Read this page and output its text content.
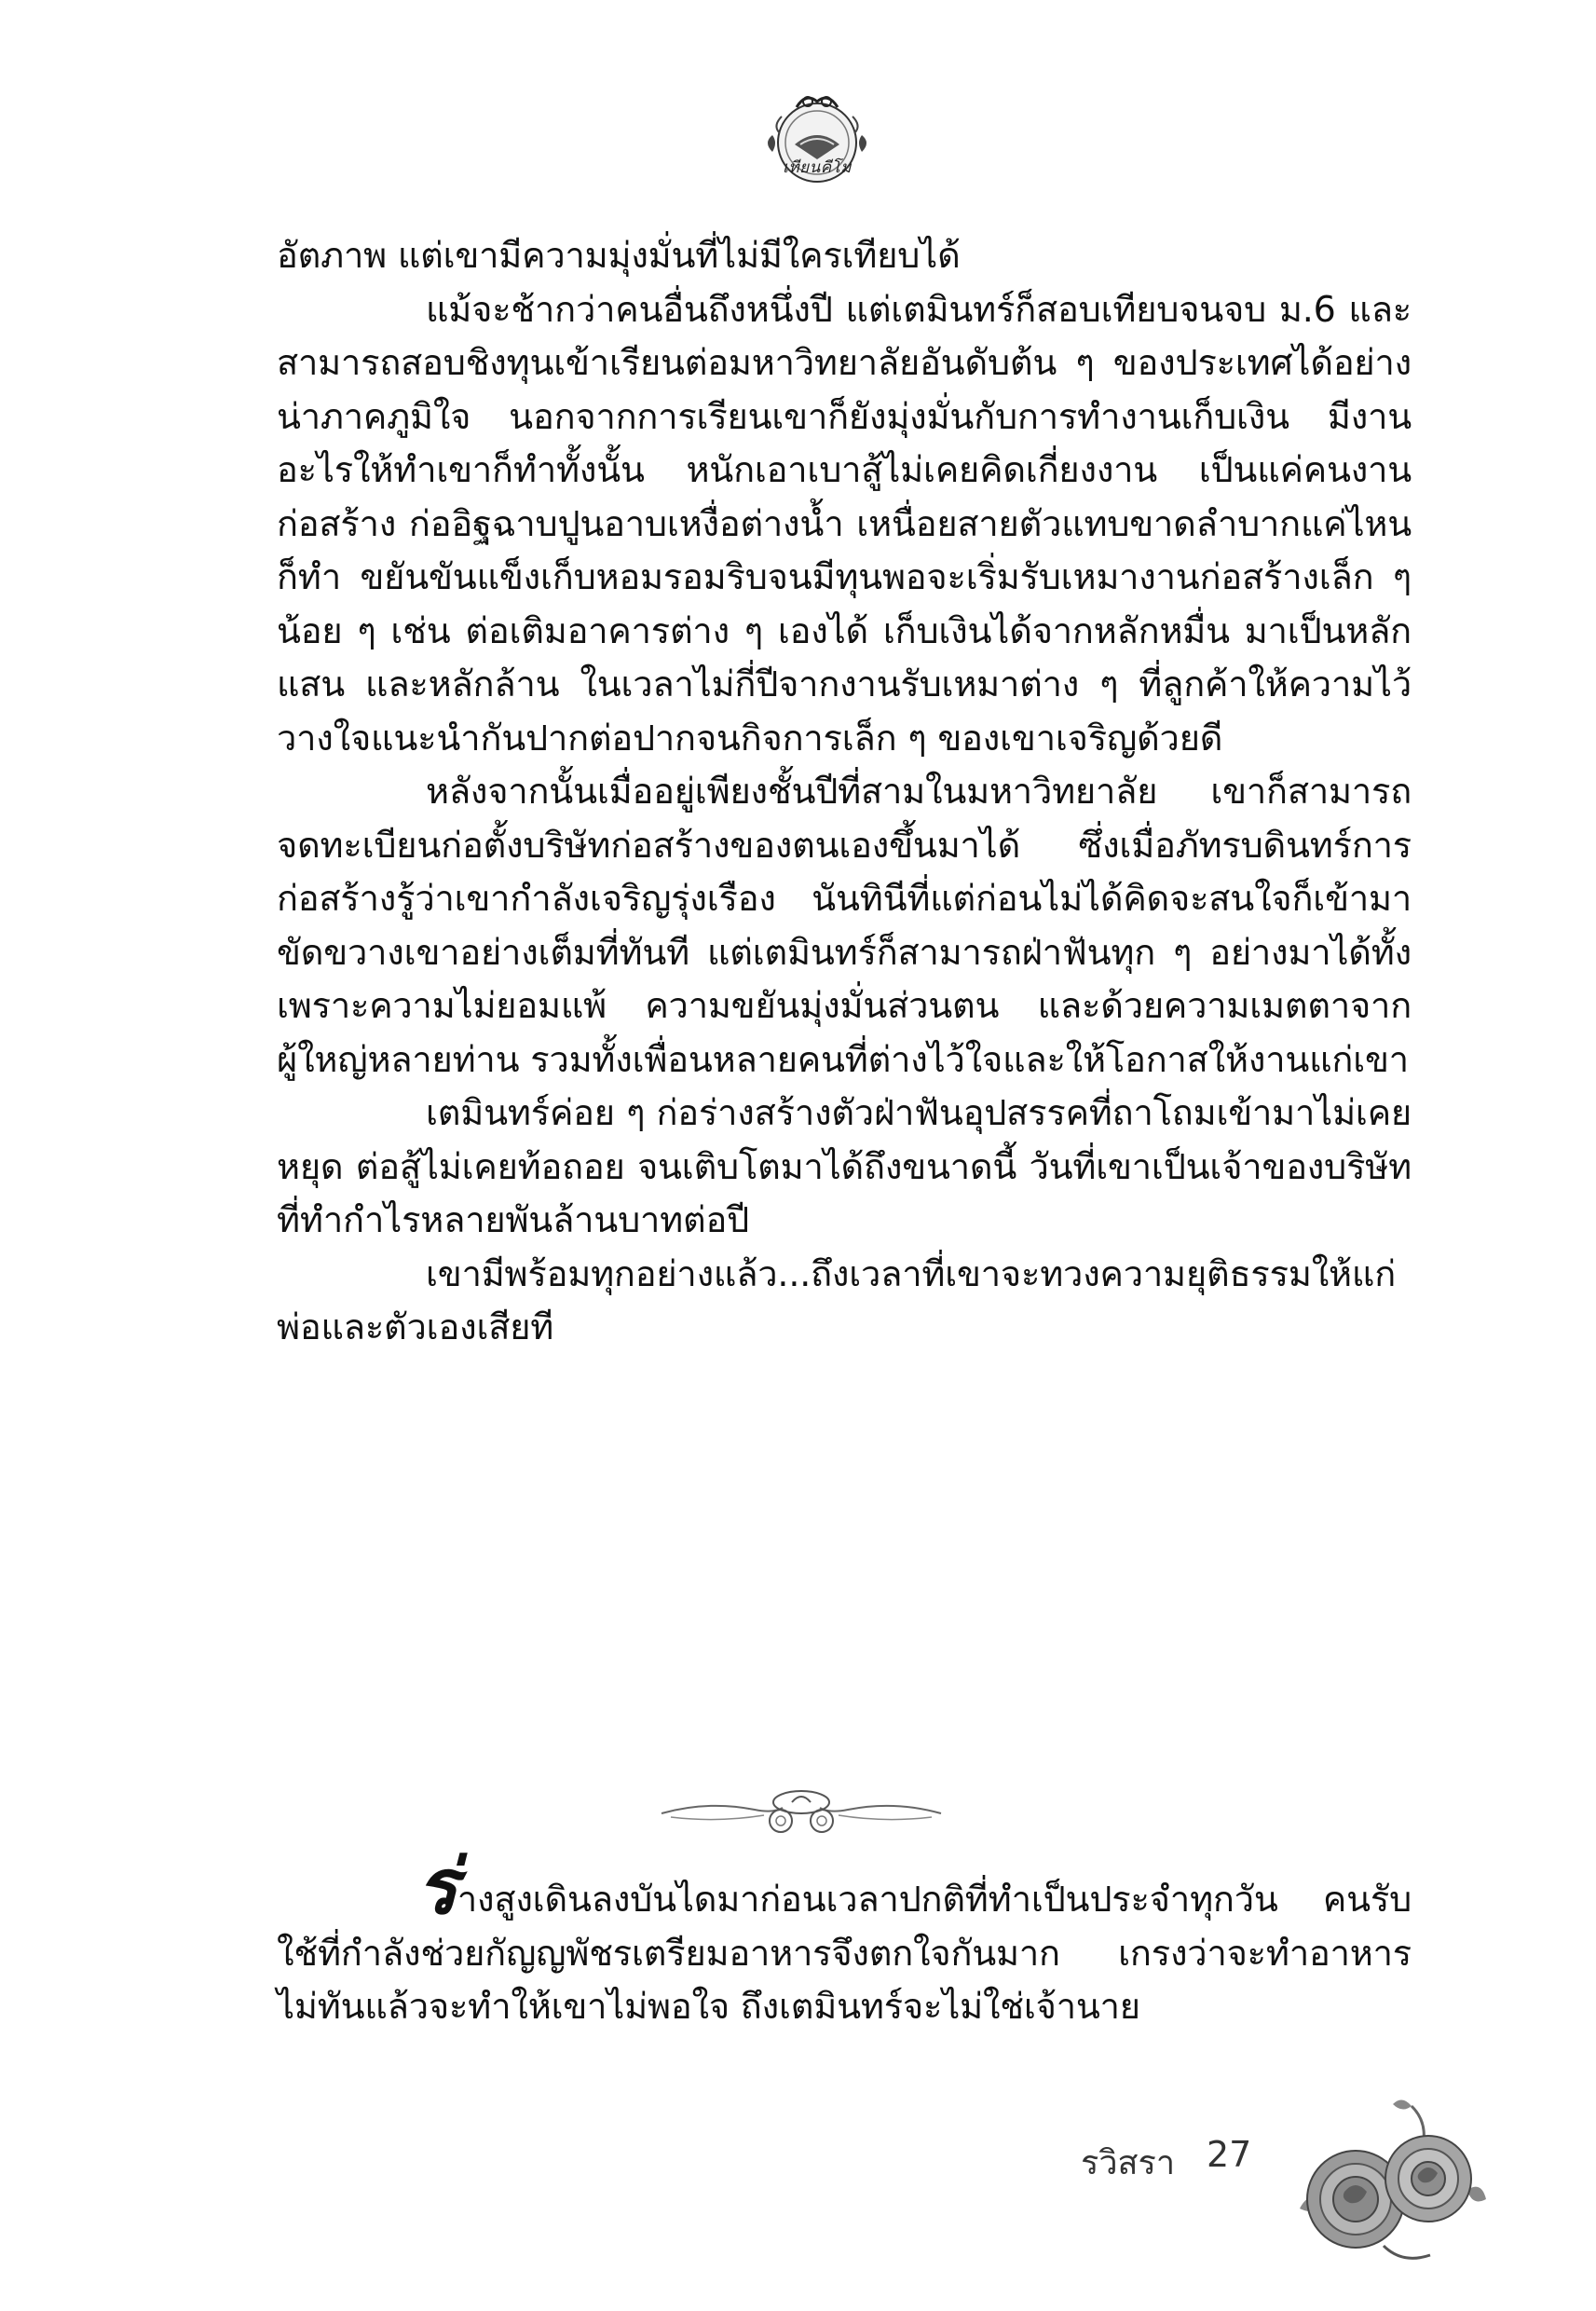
เทียนคีโม

อัตภาพ แต่เขามีความมุ่งมั่นที่ไม่มีใครเทียบได้

แม้จะช้ากว่าคนอื่นถึงหนึ่งปี แต่เตมินทร์ก็สอบเทียบจนจบ ม.6 และสามารถสอบชิงทุนเข้าเรียนต่อมหาวิทยาลัยอันดับต้น ๆ ของประเทศได้อย่างน่าภาคภูมิใจ นอกจากการเรียนเขาก็ยังมุ่งมั่นกับการทำงานเก็บเงิน มีงานอะไรให้ทำเขาก็ทำทั้งนั้น หนักเอาเบาสู้ไม่เคยคิดเกี่ยงงาน เป็นแค่คนงานก่อสร้าง ก่ออิฐฉาบปูนอาบเหงื่อต่างน้ำ เหนื่อยสายตัวแทบขาดลำบากแค่ไหนก็ทำ ขยันขันแข็งเก็บหอมรอมริบจนมีทุนพอจะเริ่มรับเหมางานก่อสร้างเล็ก ๆ น้อย ๆ เช่น ต่อเติมอาคารต่าง ๆ เองได้ เก็บเงินได้จากหลักหมื่น มาเป็นหลักแสน และหลักล้าน ในเวลาไม่กี่ปีจากงานรับเหมาต่าง ๆ ที่ลูกค้าให้ความไว้วางใจแนะนำกันปากต่อปากจนกิจการเล็ก ๆ ของเขาเจริญด้วยดี

หลังจากนั้นเมื่ออยู่เพียงชั้นปีที่สามในมหาวิทยาลัย เขาก็สามารถจดทะเบียนก่อตั้งบริษัทก่อสร้างของตนเองขึ้นมาได้ ซึ่งเมื่อภัทรบดินทร์การก่อสร้างรู้ว่าเขากำลังเจริญรุ่งเรือง นันทินีที่แต่ก่อนไม่ได้คิดจะสนใจก็เข้ามาขัดขวางเขาอย่างเต็มที่ทันที แต่เตมินทร์ก็สามารถฝ่าฟันทุก ๆ อย่างมาได้ทั้งเพราะความไม่ยอมแพ้ ความขยันมุ่งมั่นส่วนตน และด้วยความเมตตาจากผู้ใหญ่หลายท่าน รวมทั้งเพื่อนหลายคนที่ต่างไว้ใจและให้โอกาสให้งานแก่เขา

เตมินทร์ค่อย ๆ ก่อร่างสร้างตัวฝ่าฟันอุปสรรคที่ถาโถมเข้ามาไม่เคยหยุด ต่อสู้ไม่เคยท้อถอย จนเติบโตมาได้ถึงขนาดนี้ วันที่เขาเป็นเจ้าของบริษัทที่ทำกำไรหลายพันล้านบาทต่อปี

เขามีพร้อมทุกอย่างแล้ว...ถึงเวลาที่เขาจะทวงความยุติธรรมให้แก่พ่อและตัวเองเสียที

ร่างสูงเดินลงบันไดมาก่อนเวลาปกติที่ทำเป็นประจำทุกวัน คนรับใช้ที่กำลังช่วยกัญญพัชรเตรียมอาหารจึงตกใจกันมาก เกรงว่าจะทำอาหารไม่ทันแล้วจะทำให้เขาไม่พอใจ ถึงเตมินทร์จะไม่ใช่เจ้านาย

รวิสรา 27
